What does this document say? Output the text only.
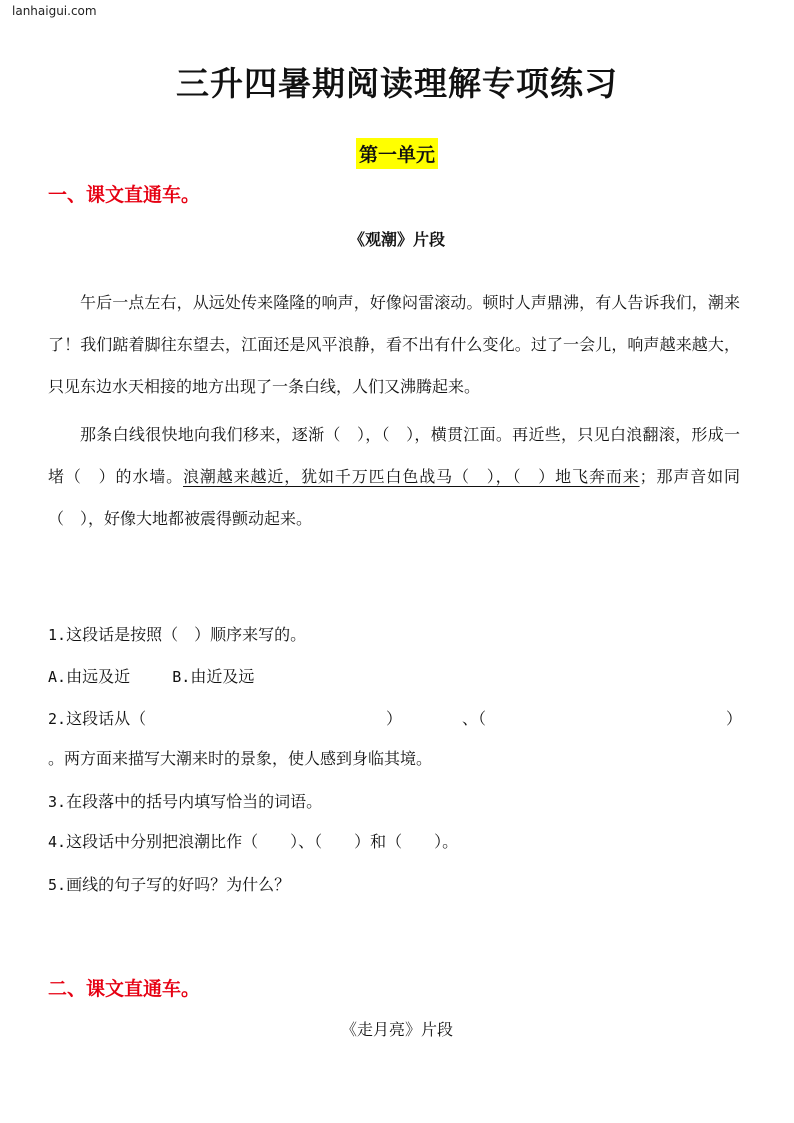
lanhaigui.com
三升四暑期阅读理解专项练习
第一单元
一、课文直通车。
《观潮》片段

午后一点左右，从远处传来隆隆的响声，好像闷雷滚动。顿时人声鼎沸，有人告诉我们，潮来了！我们踮着脚往东望去，江面还是风平浪静，看不出有什么变化。过了一会儿，响声越来越大，只见东边水天相接的地方出现了一条白线，人们又沸腾起来。

那条白线很快地向我们移来，逐渐（　），（　），横贯江面。再近些，只见白浪翻滚，形成一堵（　）的水墙。浪潮越来越近，犹如千万匹白色战马（　），（　）地飞奔而来；那声音如同（　），好像大地都被震得颤动起来。

1.这段话是按照（　）顺序来写的。
A.由远及近	B.由近及远
2.这段话从（	）	、（	）
。两方面来描写大潮来时的景象，使人感到身临其境。
3.在段落中的括号内填写恰当的词语。
4.这段话中分别把浪潮比作（　　）、（　　）和（　　）。
5.画线的句子写的好吗？为什么？
二、课文直通车。
《走月亮》片段
